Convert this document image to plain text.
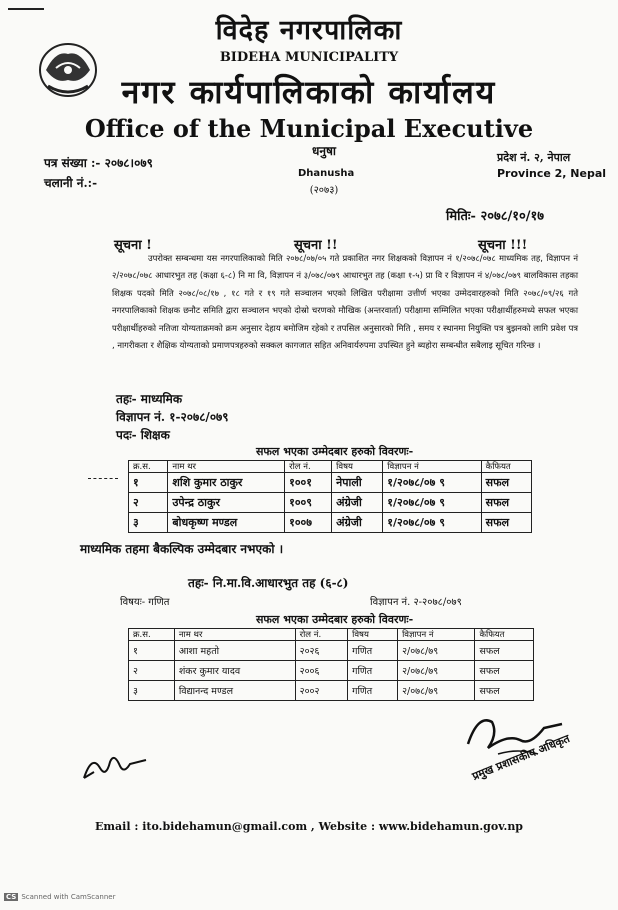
विदेह नगरपालिका
BIDEHA MUNICIPALITY
नगर कार्यपालिकाको कार्यालय
Office of the Municipal Executive
धनुषा
Dhanusha
(२०७३)
पत्र संख्या :- २०७८।०७९
चलानी नं.:-
प्रदेश नं. २, नेपाल
Province 2, Nepal
मितिः- २०७८/१०/१७
सूचना !	सूचना !!	सूचना !!!
उपरोक्त सम्बन्धमा यस नगरपालिकाको मिति २०७८/०७/०५ गते प्रकाशित नगर शिक्षकको विज्ञापन नं १/२०७८/०७८ माध्यमिक तह, विज्ञापन नं २/२०७८/०७८ आधारभुत तह (कक्षा ६-८) नि मा वि, विज्ञापन नं ३/०७८/०७९ आधारभुत तह (कक्षा १-५) प्रा वि र विज्ञापन नं ४/०७८/०७९ बालविकास तहका शिक्षक पदको मिति २०७८/०८/१७ , १८ गते र १९ गते सञ्चालन भएको लिखित परीक्षामा उत्तीर्ण भएका उम्मेदवारहरुको मिति २०७८/०९/२६ गते नगरपालिकाको शिक्षक छनौट समिति द्वारा सञ्चालन भएको दोस्रो चरणको मौखिक (अन्तरवार्ता) परीक्षामा सम्मिलित भएका परीक्षार्थीहरुमध्ये सफल भएका परीक्षार्थीहरुको नतिजा योग्यताक्रमको क्रम अनुसार देहाय बमोजिम रहेको र तपसिल अनुसारको मिति , समय र स्थानमा नियुक्ति पत्र बुझनको लागि प्रवेश पत्र , नागरीकता र शैक्षिक योग्यताको प्रमाणपत्रहरुको सक्कल कागजात सहित अनिवार्यरुपमा उपस्थित हुने ब्यहोरा सम्बन्धीत सबैलाइ सूचित गरिन्छ ।
तहः- माध्यमिक
विज्ञापन नं. १-२०७८/०७९
पदः- शिक्षक
सफल भएका उम्मेदबार हरुको विवरणः-
क्र.स.	नाम थर	रोल नं.	विषय	विज्ञापन नं	कैफियत
१	शशि कुमार ठाकुर	१००१	नेपाली	१/२०७८/०७ ९	सफल
२	उपेन्द्र ठाकुर	१००९	अंग्रेजी	१/२०७८/०७ ९	सफल
३	बोधकृष्ण मण्डल	१००७	अंग्रेजी	१/२०७८/०७ ९	सफल
माध्यमिक तहमा बैकल्पिक उम्मेदबार नभएको ।
तहः- नि.मा.वि.आधारभुत तह (६-८)
विषयः- गणित	विज्ञापन नं. २-२०७८/०७९
सफल भएका उम्मेदबार हरुको विवरणः-
क्र.स.	नाम थर	रोल नं.	विषय	विज्ञापन नं	कैफियत
१	आशा महतो	२०२६	गणित	२/०७८/७९	सफल
२	शंकर कुमार यादव	२००६	गणित	२/०७८/७९	सफल
३	विद्यानन्द मण्डल	२००२	गणित	२/०७८/७९	सफल
प्रमुख प्रशासकीय अधिकृत
Email : ito.bidehamun@gmail.com , Website : www.bidehamun.gov.np
CS Scanned with CamScanner
